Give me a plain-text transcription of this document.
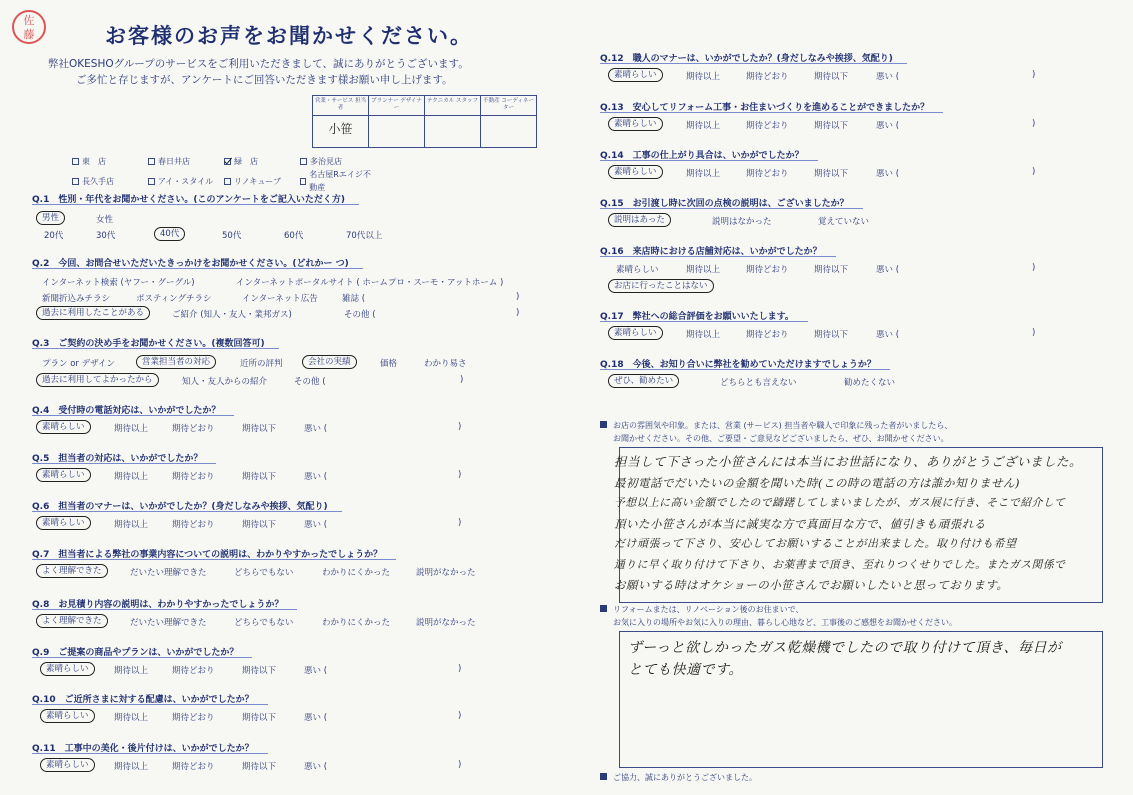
佐
藤	お客様のお声をお聞かせください。
弊社OKESHOグループのサービスをご利用いただきまして、誠にありがとうございます。
ご多忙と存じますが、アンケートにご回答いただきます様お願い申し上げます。
営業・サービス 担当者	プランナー デザイナー	テクニカル スタッフ	不動産 コーディネーター
小笹			
東　店	春日井店	緑　店	多治見店
長久手店	アイ・スタイル	リノキューブ
名古屋Rエイジ不動産
Q.1　性別・年代をお聞かせください。(このアンケートをご記入いただく方)
男性	女性
20代	30代	40代	50代	60代	70代以上
Q.2　今回、お問合せいただいたきっかけをお聞かせください。(どれかー つ)
インターネット検索 (ヤフー・グーグル)	インターネットポータルサイト ( ホームプロ・スーモ・アットホーム )
新聞折込みチラシ	ポスティングチラシ	インターネット広告	雑誌 (	)
過去に利用したことがある	ご紹介 (知人・友人・業邦ガス)	その他 (	)
Q.3　ご契約の決め手をお聞かせください。(複数回答可)
プラン or デザイン	営業担当者の対応	近所の評判	会社の実績	価格	わかり易さ
過去に利用してよかったから	知人・友人からの紹介	その他 (	)
Q.4　受付時の電話対応は、いかがでしたか？
素晴らしい	期待以上	期待どおり	期待以下	悪い (	)
Q.5　担当者の対応は、いかがでしたか？
素晴らしい	期待以上	期待どおり	期待以下	悪い (	)
Q.6　担当者のマナーは、いかがでしたか？(身だしなみや挨拶、気配り)
素晴らしい	期待以上	期待どおり	期待以下	悪い (	)
Q.7　担当者による弊社の事業内容についての説明は、わかりやすかったでしょうか？
よく理解できた	だいたい理解できた	どちらでもない	わかりにくかった	説明がなかった
Q.8　お見積り内容の説明は、わかりやすかったでしょうか？
よく理解できた	だいたい理解できた	どちらでもない	わかりにくかった	説明がなかった
Q.9　ご提案の商品やプランは、いかがでしたか？
素晴らしい	期待以上	期待どおり	期待以下	悪い (	)
Q.10　ご近所さまに対する配慮は、いかがでしたか？
素晴らしい	期待以上	期待どおり	期待以下	悪い (	)
Q.11　工事中の美化・後片付けは、いかがでしたか？
素晴らしい	期待以上	期待どおり	期待以下	悪い (	)
Q.12　職人のマナーは、いかがでしたか？(身だしなみや挨拶、気配り)
素晴らしい	期待以上	期待どおり	期待以下	悪い (	)
Q.13　安心してリフォーム工事・お住まいづくりを進めることができましたか？
素晴らしい	期待以上	期待どおり	期待以下	悪い (	)
Q.14　工事の仕上がり具合は、いかがでしたか？
素晴らしい	期待以上	期待どおり	期待以下	悪い (	)
Q.15　お引渡し時に次回の点検の説明は、ございましたか？
説明はあった	説明はなかった	覚えていない
Q.16　来店時における店舗対応は、いかがでしたか？
素晴らしい	期待以上	期待どおり	期待以下	悪い (	)
お店に行ったことはない
Q.17　弊社への総合評価をお願いいたします。
素晴らしい	期待以上	期待どおり	期待以下	悪い (	)
Q.18　今後、お知り合いに弊社を勧めていただけますでしょうか？
ぜひ、勧めたい	どちらとも言えない	勧めたくない
お店の雰囲気や印象。または、営業 (サービス) 担当者や職人で印象に残った者がいましたら、
お聞かせください。その他、ご要望・ご意見などございましたら、ぜひ、お聞かせください。
担当して下さった小笹さんには本当にお世話になり、ありがとうございました。
最初電話でだいたいの金額を聞いた時(この時の電話の方は誰か知りません)
予想以上に高い金額でしたので躊躇してしまいましたが、ガス展に行き、そこで紹介して
頂いた小笹さんが本当に誠実な方で真面目な方で、値引きも頑張れる
だけ頑張って下さり、安心してお願いすることが出来ました。取り付けも希望
通りに早く取り付けて下さり、お薬書まで頂き、至れりつくせりでした。またガス関係で
お願いする時はオケショーの小笹さんでお願いしたいと思っております。
リフォームまたは、リノベーション後のお住まいで、
お気に入りの場所やお気に入りの理由、暮らし心地など、工事後のご感想をお聞かせください。
ずーっと欲しかったガス乾燥機でしたので取り付けて頂き、毎日が
とても快適です。
ご協力、誠にありがとうございました。
